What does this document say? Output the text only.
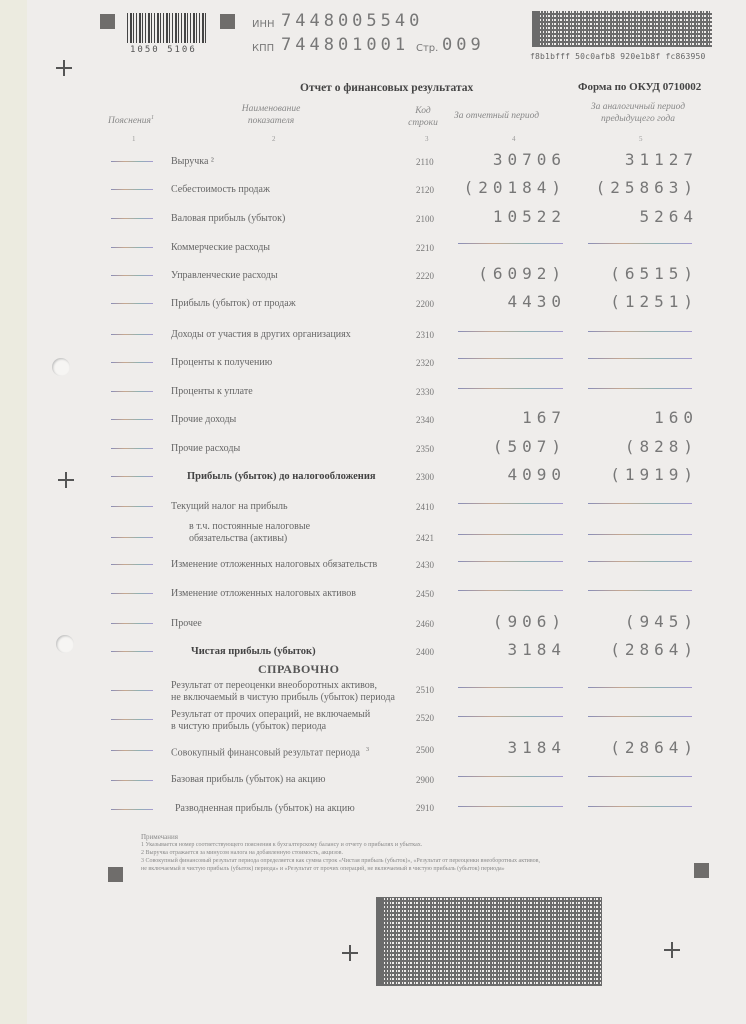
1050 5106
ИНН 7448005540
КПП 744801001 Стр. 009
f8b1bfff 50c0afb8 920e1b8f fc863950
Отчет о финансовых результатах	Форма по ОКУД 0710002
Пояснения$^1$
Наименование
показателя
Код
строки
За отчетный период
За аналогичный период
предыдущего года
1	2	3	4	5
Выручка ²	2110	30706	31127
Себестоимость продаж	2120 (20184) (25863)
Валовая прибыль (убыток)	2100	10522	5264
Коммерческие расходы	2210
Управленческие расходы	2220	(6092)	(6515)
Прибыль (убыток) от продаж	2200	4430	(1251)
Доходы от участия в других организациях	2310
Проценты к получению	2320
Проценты к уплате	2330
Прочие доходы	2340	167	160
Прочие расходы	2350	(507)	(828)
Прибыль (убыток) до налогообложения	2300	4090	(1919)
Текущий налог на прибыль	2410
в т.ч. постоянные налоговые
обязательства (активы)	2421
Изменение отложенных налоговых обязательств	2430
Изменение отложенных налоговых активов	2450
Прочее	2460	(906)	(945)
Чистая прибыль (убыток)	2400	3184	(2864)
СПРАВОЧНО
Результат от переоценки внеоборотных активов,
не включаемый в чистую прибыль (убыток) периода
2510
Результат от прочих операций, не включаемый
в чистую прибыль (убыток) периода
2520
Совокупный финансовый результат периода $^3$	2500	3184	(2864)
Базовая прибыль (убыток) на акцию	2900
Разводненная прибыль (убыток) на акцию	2910
Примечания
1 Указывается номер соответствующего пояснения к бухгалтерскому балансу и отчету о прибылях и убытках.
2 Выручка отражается за минусом налога на добавленную стоимость, акцизов.
3 Совокупный финансовый результат периода определяется как сумма строк «Чистая прибыль (убыток)», «Результат от переоценки внеоборотных активов,
не включаемый в чистую прибыль (убыток) периода» и «Результат от прочих операций, не включаемый в чистую прибыль (убыток) периода»
